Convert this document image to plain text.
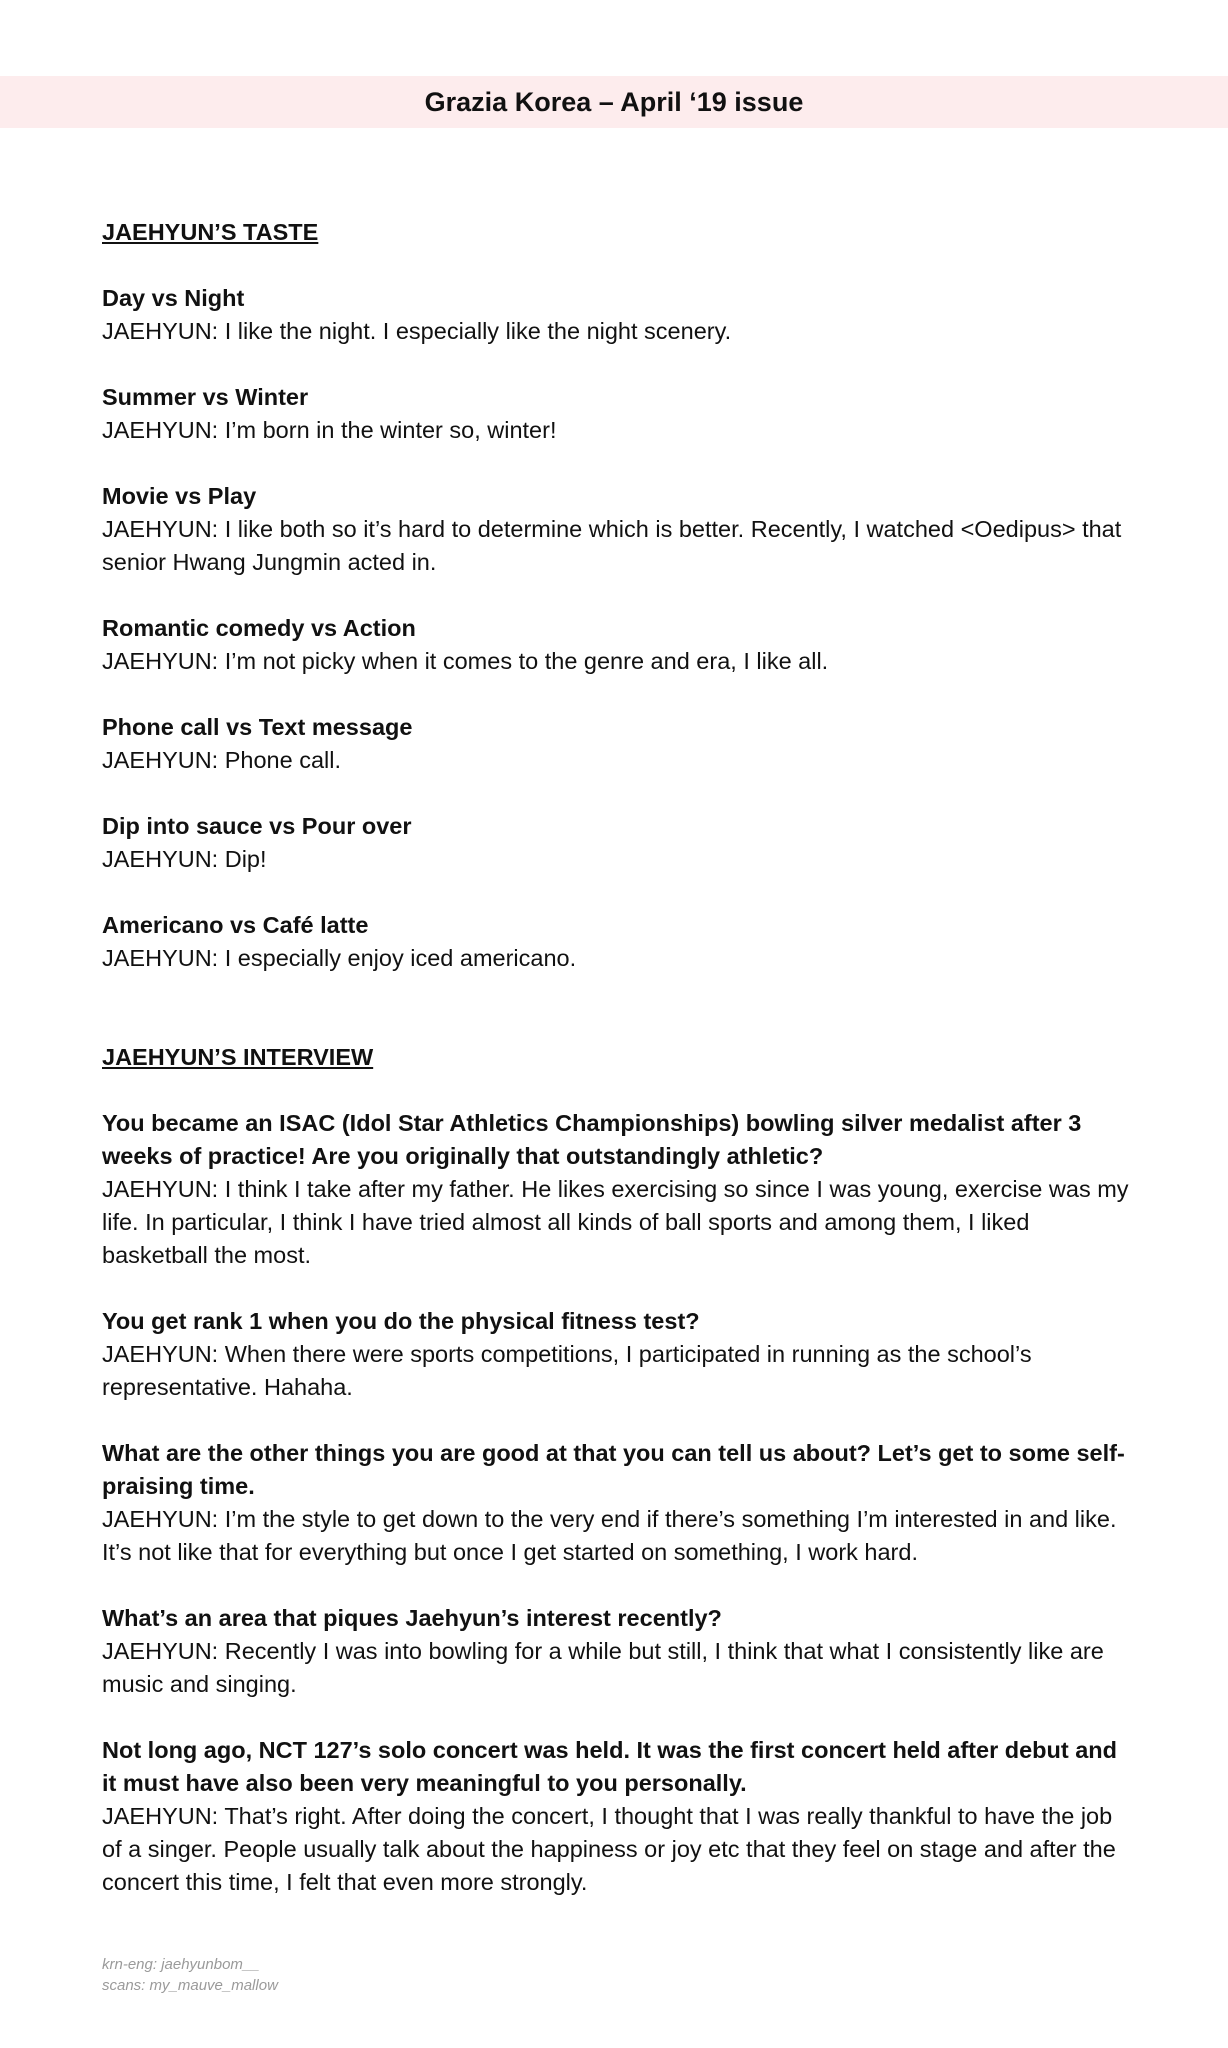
Grazia Korea – April ‘19 issue
JAEHYUN’S TASTE
Day vs Night
JAEHYUN: I like the night. I especially like the night scenery.
Summer vs Winter
JAEHYUN: I’m born in the winter so, winter!
Movie vs Play
JAEHYUN: I like both so it’s hard to determine which is better. Recently, I watched <Oedipus> that senior Hwang Jungmin acted in.
Romantic comedy vs Action
JAEHYUN: I’m not picky when it comes to the genre and era, I like all.
Phone call vs Text message
JAEHYUN: Phone call.
Dip into sauce vs Pour over
JAEHYUN: Dip!
Americano vs Café latte
JAEHYUN: I especially enjoy iced americano.
JAEHYUN’S INTERVIEW
You became an ISAC (Idol Star Athletics Championships) bowling silver medalist after 3 weeks of practice! Are you originally that outstandingly athletic?
JAEHYUN: I think I take after my father. He likes exercising so since I was young, exercise was my life. In particular, I think I have tried almost all kinds of ball sports and among them, I liked basketball the most.
You get rank 1 when you do the physical fitness test?
JAEHYUN: When there were sports competitions, I participated in running as the school’s representative. Hahaha.
What are the other things you are good at that you can tell us about? Let’s get to some self-praising time.
JAEHYUN: I’m the style to get down to the very end if there’s something I’m interested in and like. It’s not like that for everything but once I get started on something, I work hard.
What’s an area that piques Jaehyun’s interest recently?
JAEHYUN: Recently I was into bowling for a while but still, I think that what I consistently like are music and singing.
Not long ago, NCT 127’s solo concert was held. It was the first concert held after debut and it must have also been very meaningful to you personally.
JAEHYUN: That’s right. After doing the concert, I thought that I was really thankful to have the job of a singer. People usually talk about the happiness or joy etc that they feel on stage and after the concert this time, I felt that even more strongly.
krn-eng: jaehyunbom__
scans: my_mauve_mallow
